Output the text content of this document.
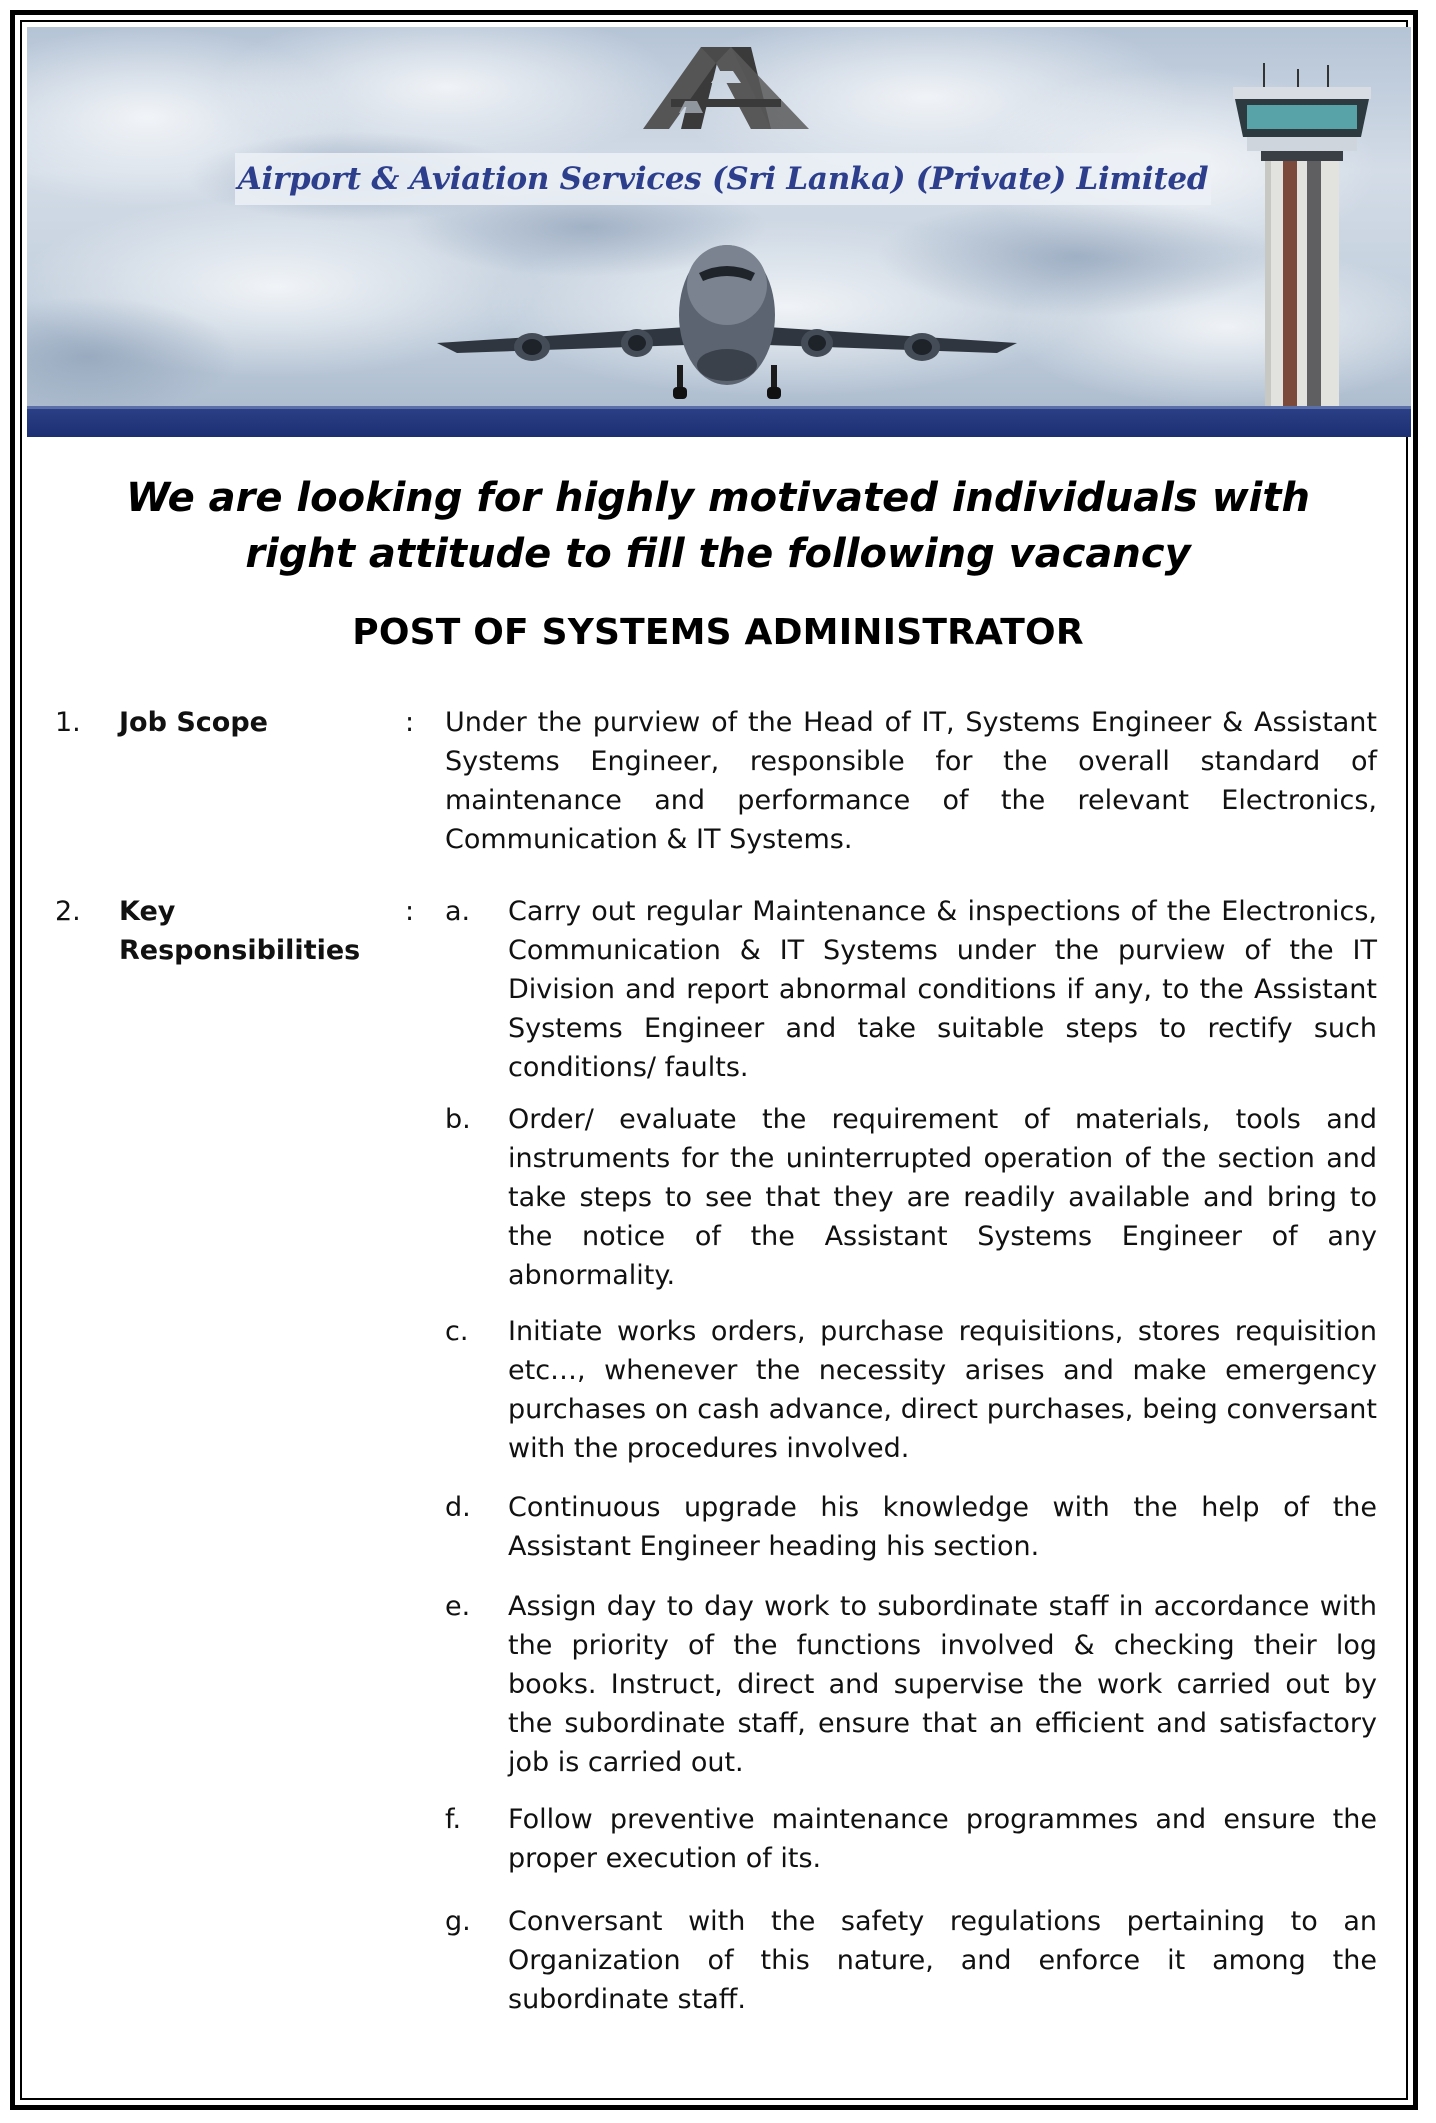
Airport & Aviation Services (Sri Lanka) (Private) Limited
We are looking for highly motivated individuals with
right attitude to fill the following vacancy
POST OF SYSTEMS ADMINISTRATOR
1. Job Scope	: Under the purview of the Head of IT, Systems Engineer & Assistant Systems Engineer, responsible for the overall standard of maintenance and performance of the relevant Electronics, Communication & IT Systems.
2. Key
Responsibilities
: a.	Carry out regular Maintenance & inspections of the Electronics, Communication & IT Systems under the purview of the IT Division and report abnormal conditions if any, to the Assistant Systems Engineer and take suitable steps to rectify such conditions/ faults.
b.	Order/ evaluate the requirement of materials, tools and instruments for the uninterrupted operation of the section and take steps to see that they are readily available and bring to the notice of the Assistant Systems Engineer of any abnormality.
c.	Initiate works orders, purchase requisitions, stores requisition etc…, whenever the necessity arises and make emergency purchases on cash advance, direct purchases, being conversant with the procedures involved.
d.	Continuous upgrade his knowledge with the help of the Assistant Engineer heading his section.
e.	Assign day to day work to subordinate staff in accordance with the priority of the functions involved & checking their log books. Instruct, direct and supervise the work carried out by the subordinate staff, ensure that an efficient and satisfactory job is carried out.
f.	Follow preventive maintenance programmes and ensure the proper execution of its.
g.	Conversant with the safety regulations pertaining to an Organization of this nature, and enforce it among the subordinate staff.
